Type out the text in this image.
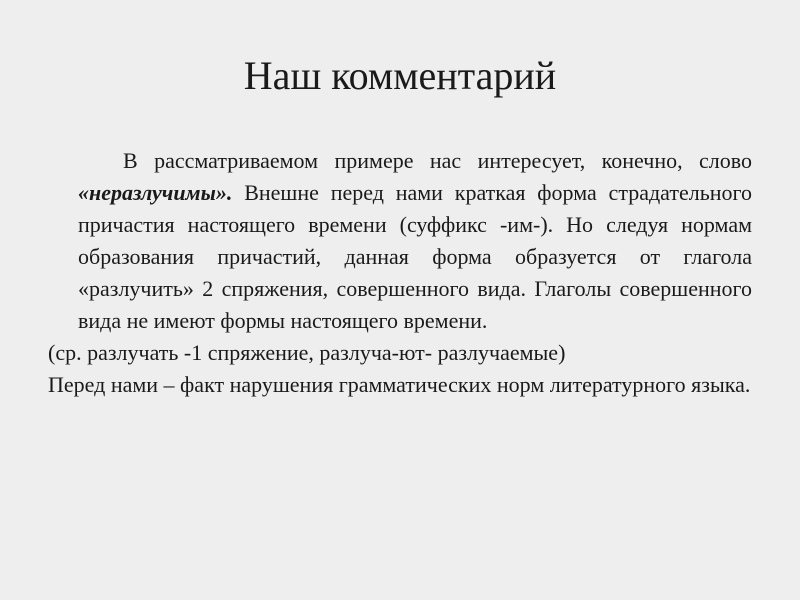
Наш комментарий

В рассматриваемом примере нас интересует, конечно, слово «неразлучимы». Внешне перед нами краткая форма страдательного причастия настоящего времени (суффикс -им-). Но следуя нормам образования причастий, данная форма образуется от глагола «разлучить» 2 спряжения, совершенного вида. Глаголы совершенного вида не имеют формы настоящего времени.

(ср. разлучать -1 спряжение, разлуча-ют- разлучаемые)

Перед нами – факт нарушения грамматических норм литературного языка.
